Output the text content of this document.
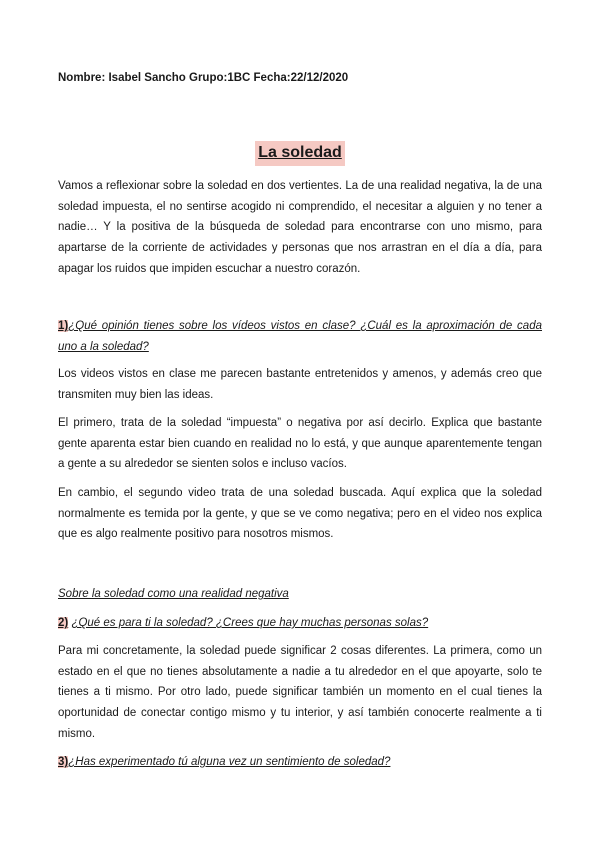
Nombre: Isabel Sancho Grupo:1BC Fecha:22/12/2020
La soledad

Vamos a reflexionar sobre la soledad en dos vertientes. La de una realidad negativa, la de una soledad impuesta, el no sentirse acogido ni comprendido, el necesitar a alguien y no tener a nadie… Y la positiva de la búsqueda de soledad para encontrarse con uno mismo, para apartarse de la corriente de actividades y personas que nos arrastran en el día a día, para apagar los ruidos que impiden escuchar a nuestro corazón.

1)¿Qué opinión tienes sobre los vídeos vistos en clase? ¿Cuál es la aproximación de cada uno a la soledad?

Los videos vistos en clase me parecen bastante entretenidos y amenos, y además creo que transmiten muy bien las ideas.

El primero, trata de la soledad “impuesta” o negativa por así decirlo. Explica que bastante gente aparenta estar bien cuando en realidad no lo está, y que aunque aparentemente tengan a gente a su alrededor se sienten solos e incluso vacíos.

En cambio, el segundo video trata de una soledad buscada. Aquí explica que la soledad normalmente es temida por la gente, y que se ve como negativa; pero en el video nos explica que es algo realmente positivo para nosotros mismos.

Sobre la soledad como una realidad negativa

2) ¿Qué es para ti la soledad? ¿Crees que hay muchas personas solas?

Para mi concretamente, la soledad puede significar 2 cosas diferentes. La primera, como un estado en el que no tienes absolutamente a nadie a tu alrededor en el que apoyarte, solo te tienes a ti mismo. Por otro lado, puede significar también un momento en el cual tienes la oportunidad de conectar contigo mismo y tu interior, y así también conocerte realmente a ti mismo.

3)¿Has experimentado tú alguna vez un sentimiento de soledad?
